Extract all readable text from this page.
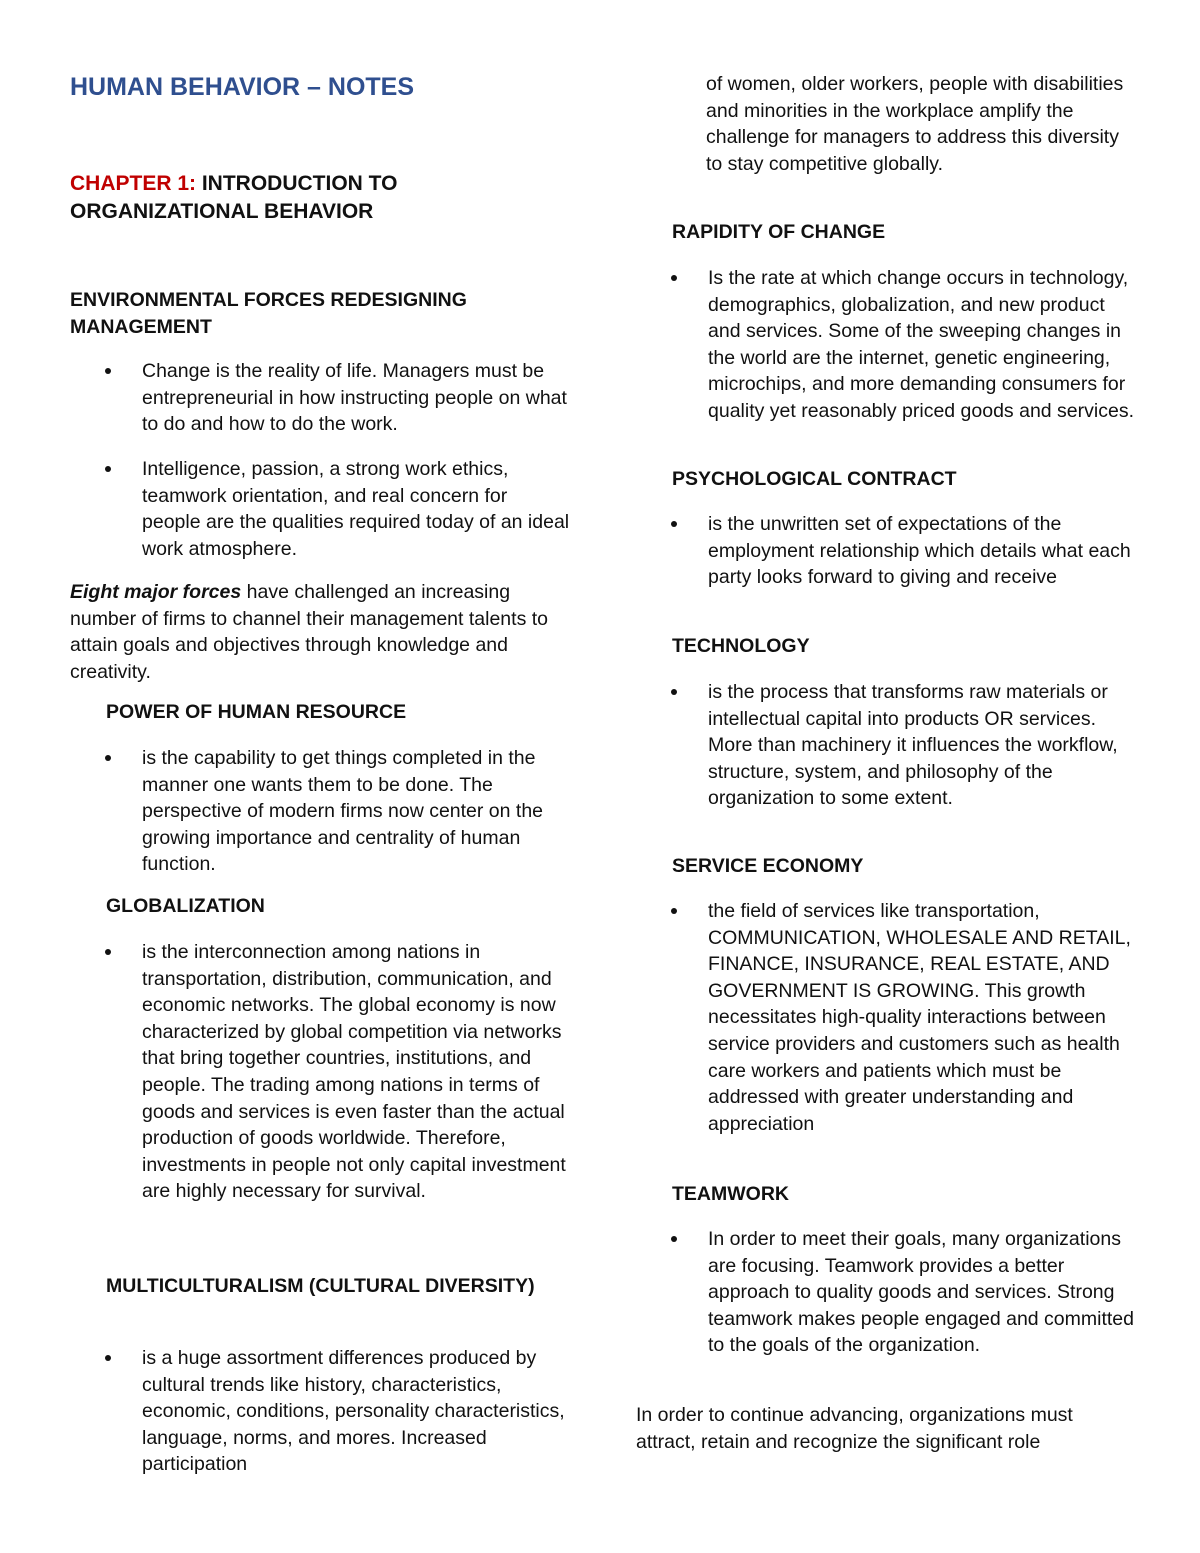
HUMAN BEHAVIOR – NOTES
CHAPTER 1: INTRODUCTION TO ORGANIZATIONAL BEHAVIOR
ENVIRONMENTAL FORCES REDESIGNING MANAGEMENT
Change is the reality of life. Managers must be entrepreneurial in how instructing people on what to do and how to do the work.
Intelligence, passion, a strong work ethics, teamwork orientation, and real concern for people are the qualities required today of an ideal work atmosphere.

Eight major forces have challenged an increasing number of firms to channel their management talents to attain goals and objectives through knowledge and creativity.

POWER OF HUMAN RESOURCE
is the capability to get things completed in the manner one wants them to be done. The perspective of modern firms now center on the growing importance and centrality of human function.
GLOBALIZATION
is the interconnection among nations in transportation, distribution, communication, and economic networks. The global economy is now characterized by global competition via networks that bring together countries, institutions, and people. The trading among nations in terms of goods and services is even faster than the actual production of goods worldwide. Therefore, investments in people not only capital investment are highly necessary for survival.
MULTICULTURALISM (CULTURAL DIVERSITY)
is a huge assortment differences produced by cultural trends like history, characteristics, economic, conditions, personality characteristics, language, norms, and mores. Increased participation

of women, older workers, people with disabilities and minorities in the workplace amplify the challenge for managers to address this diversity to stay competitive globally.

RAPIDITY OF CHANGE
Is the rate at which change occurs in technology, demographics, globalization, and new product and services. Some of the sweeping changes in the world are the internet, genetic engineering, microchips, and more demanding consumers for quality yet reasonably priced goods and services.
PSYCHOLOGICAL CONTRACT
is the unwritten set of expectations of the employment relationship which details what each party looks forward to giving and receive
TECHNOLOGY
is the process that transforms raw materials or intellectual capital into products OR services. More than machinery it influences the workflow, structure, system, and philosophy of the organization to some extent.
SERVICE ECONOMY
the field of services like transportation, COMMUNICATION, WHOLESALE AND RETAIL, FINANCE, INSURANCE, REAL ESTATE, AND GOVERNMENT IS GROWING. This growth necessitates high-quality interactions between service providers and customers such as health care workers and patients which must be addressed with greater understanding and appreciation
TEAMWORK
In order to meet their goals, many organizations are focusing. Teamwork provides a better approach to quality goods and services. Strong teamwork makes people engaged and committed to the goals of the organization.

In order to continue advancing, organizations must attract, retain and recognize the significant role
